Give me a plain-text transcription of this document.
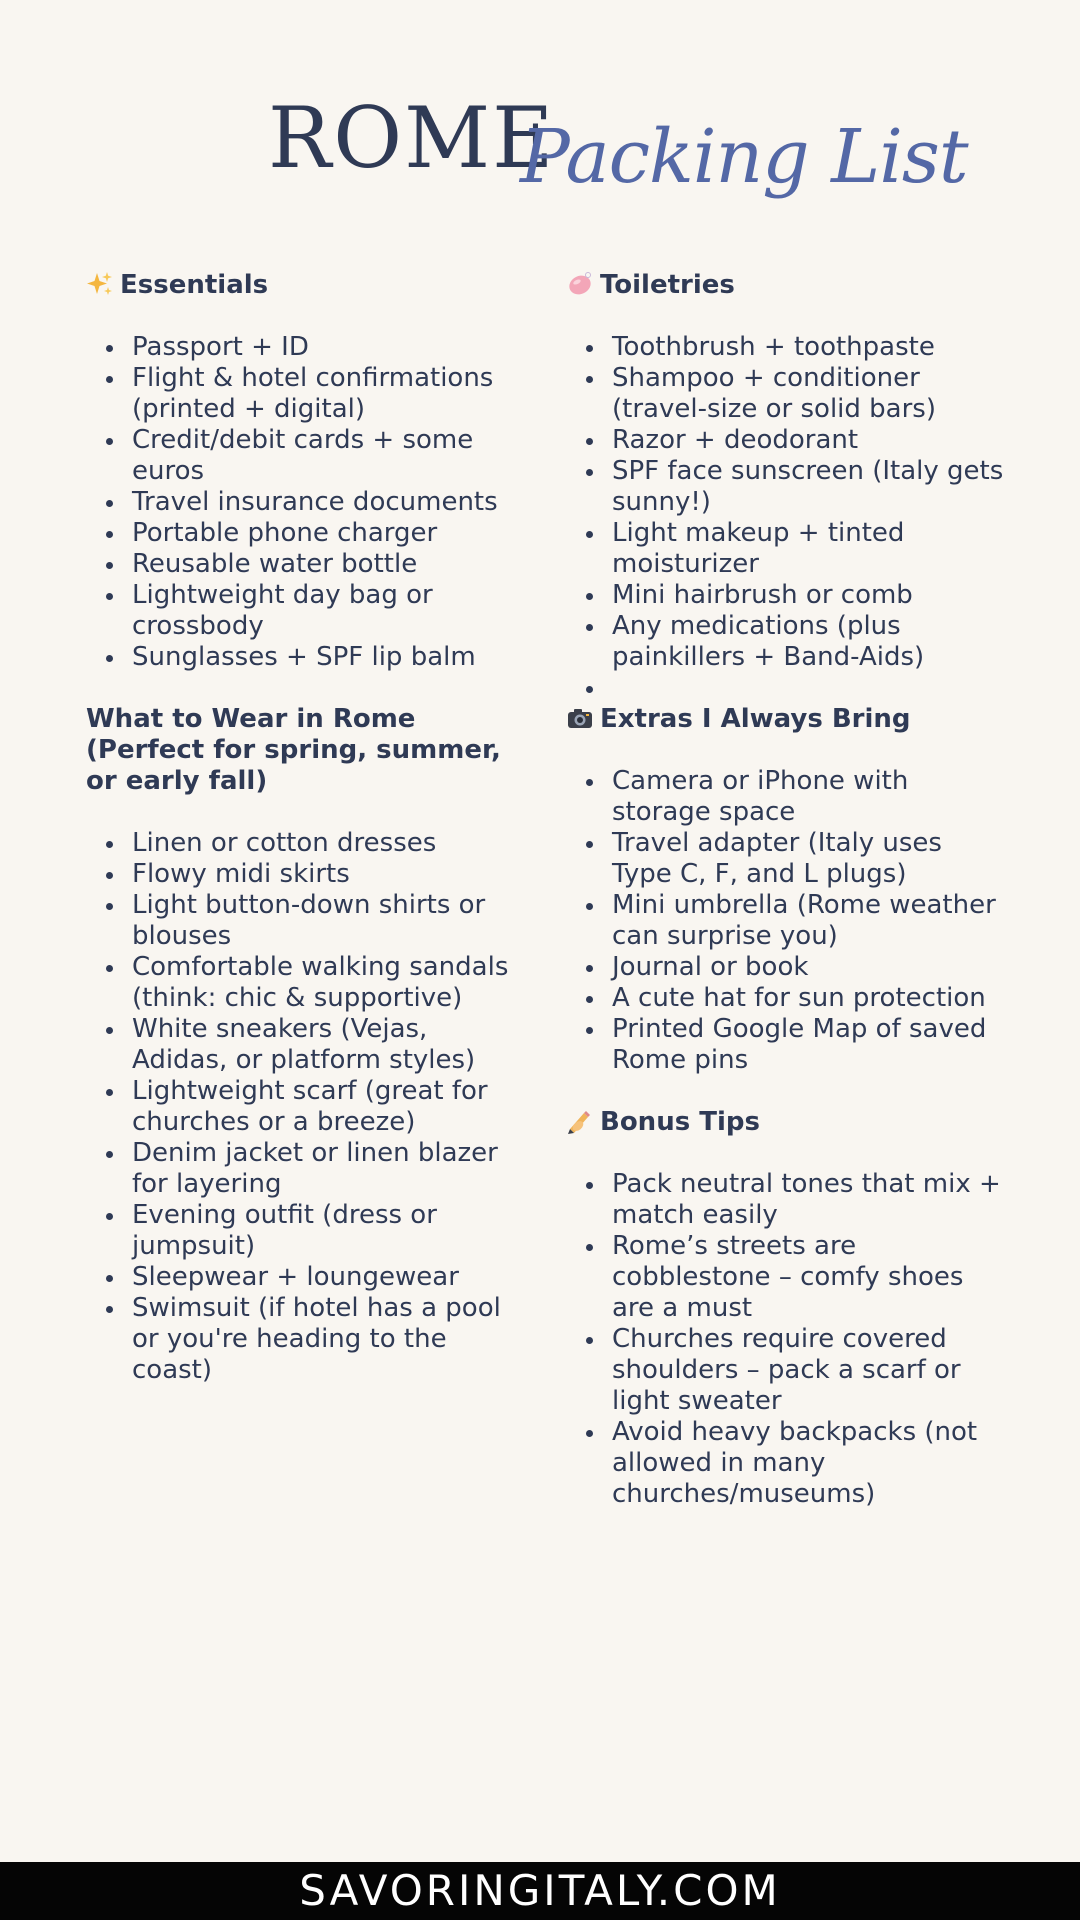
ROME
Packing List
Essentials
Passport + ID
Flight & hotel confirmations (printed + digital)
Credit/debit cards + some euros
Travel insurance documents
Portable phone charger
Reusable water bottle
Lightweight day bag or crossbody
Sunglasses + SPF lip balm
What to Wear in Rome (Perfect for spring, summer, or early fall)
Linen or cotton dresses
Flowy midi skirts
Light button-down shirts or blouses
Comfortable walking sandals (think: chic & supportive)
White sneakers (Vejas, Adidas, or platform styles)
Lightweight scarf (great for churches or a breeze)
Denim jacket or linen blazer for layering
Evening outfit (dress or jumpsuit)
Sleepwear + loungewear
Swimsuit (if hotel has a pool or you're heading to the coast)
Toiletries
Toothbrush + toothpaste
Shampoo + conditioner (travel-size or solid bars)
Razor + deodorant
SPF face sunscreen (Italy gets sunny!)
Light makeup + tinted moisturizer
Mini hairbrush or comb
Any medications (plus painkillers + Band-Aids)
Extras I Always Bring
Camera or iPhone with storage space
Travel adapter (Italy uses Type C, F, and L plugs)
Mini umbrella (Rome weather can surprise you)
Journal or book
A cute hat for sun protection
Printed Google Map of saved Rome pins
Bonus Tips
Pack neutral tones that mix + match easily
Rome’s streets are cobblestone – comfy shoes are a must
Churches require covered shoulders – pack a scarf or light sweater
Avoid heavy backpacks (not allowed in many churches/museums)
SAVORINGITALY.COM
